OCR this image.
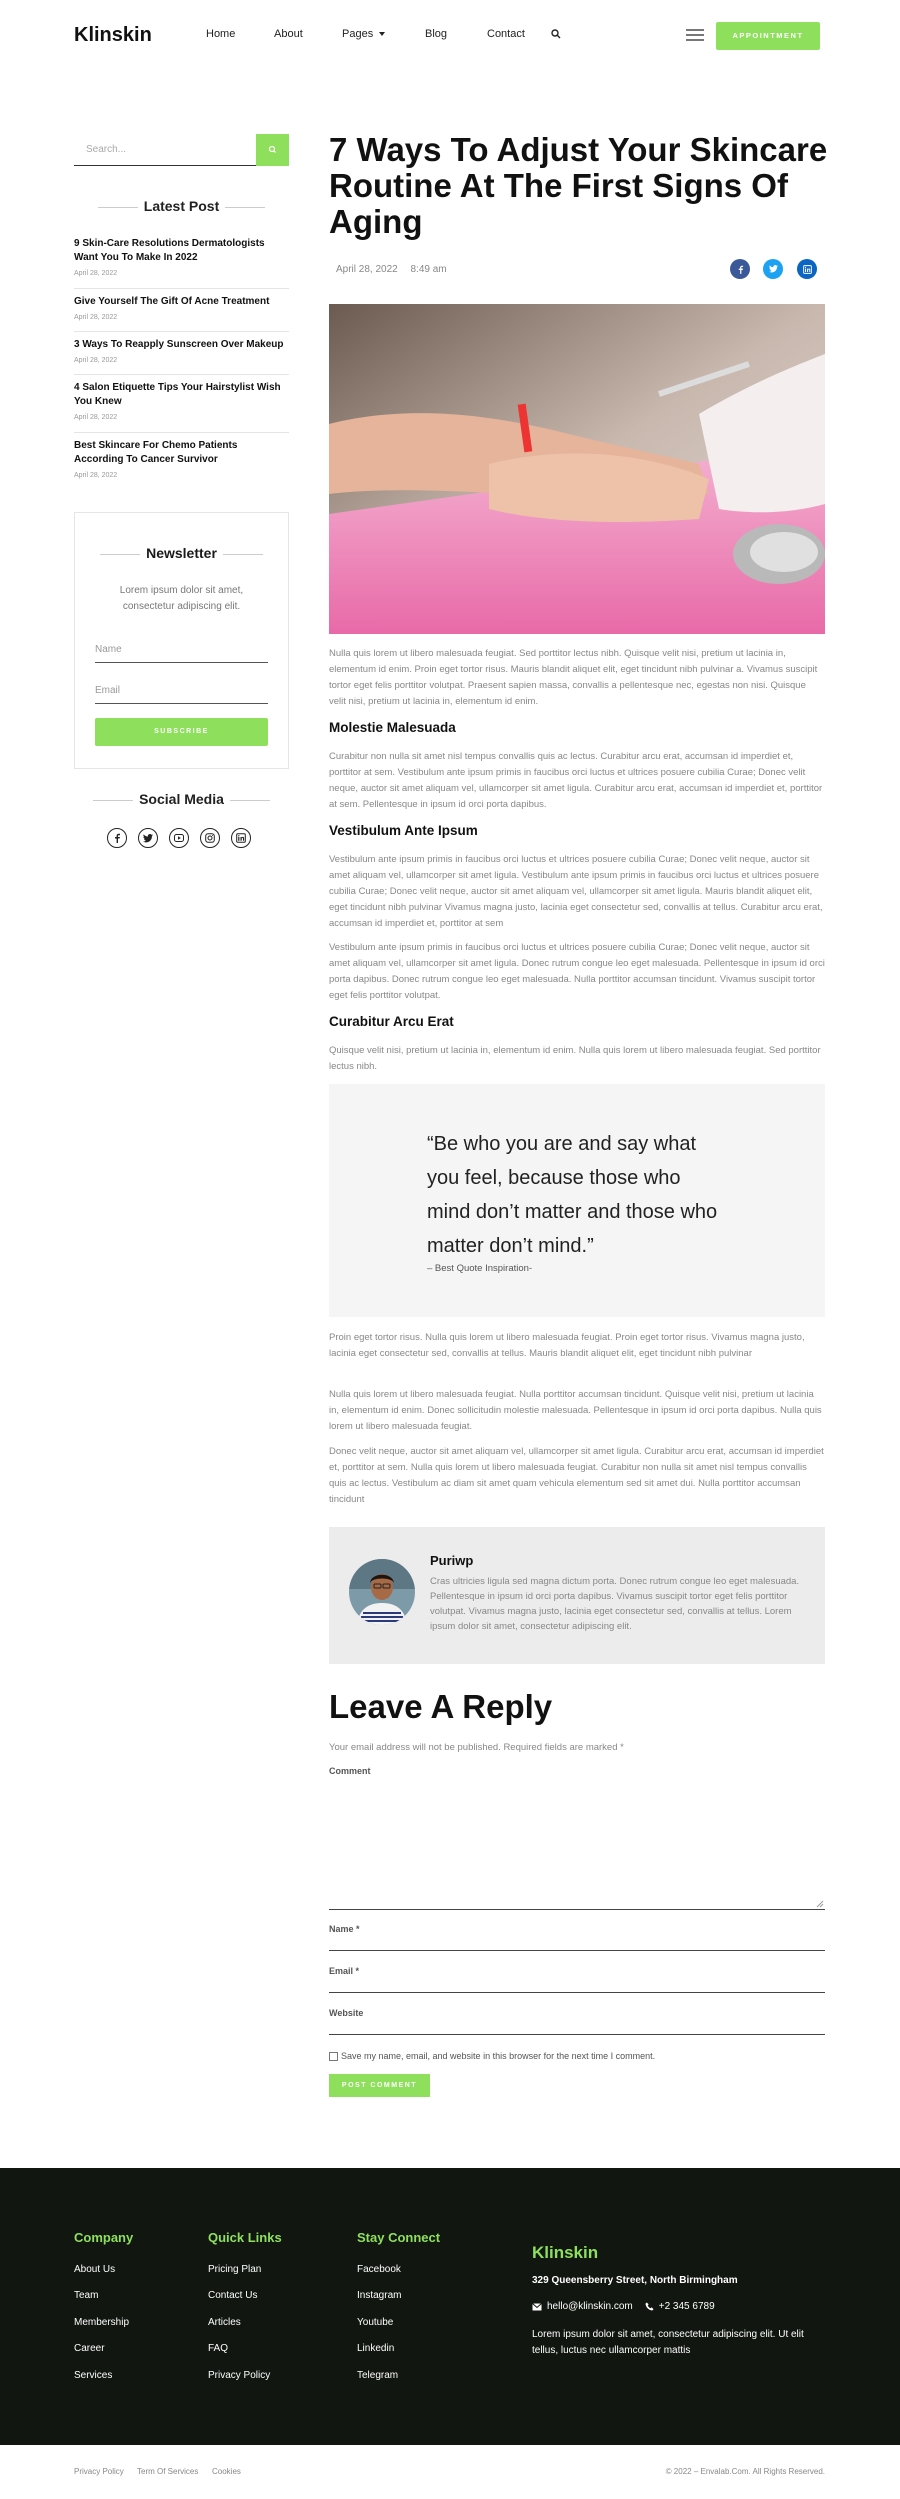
Klinskin	Home	About	Pages	Blog	Contact	APPOINTMENT
Search...
Latest Post
9 Skin-Care Resolutions Dermatologists Want You To Make In 2022
April 28, 2022
Give Yourself The Gift Of Acne Treatment
April 28, 2022
3 Ways To Reapply Sunscreen Over Makeup
April 28, 2022
4 Salon Etiquette Tips Your Hairstylist Wish You Knew
April 28, 2022
Best Skincare For Chemo Patients According To Cancer Survivor
April 28, 2022
Newsletter
Lorem ipsum dolor sit amet, consectetur adipiscing elit.
Name
Email
SUBSCRIBE
Social Media
7 Ways To Adjust Your Skincare Routine At The First Signs Of Aging
April 28, 2022 8:49 am
Nulla quis lorem ut libero malesuada feugiat. Sed porttitor lectus nibh. Quisque velit nisi, pretium ut lacinia in, elementum id enim. Proin eget tortor risus. Mauris blandit aliquet elit, eget tincidunt nibh pulvinar a. Vivamus suscipit tortor eget felis porttitor volutpat. Praesent sapien massa, convallis a pellentesque nec, egestas non nisi. Quisque velit nisi, pretium ut lacinia in, elementum id enim.
Molestie Malesuada
Curabitur non nulla sit amet nisl tempus convallis quis ac lectus. Curabitur arcu erat, accumsan id imperdiet et, porttitor at sem. Vestibulum ante ipsum primis in faucibus orci luctus et ultrices posuere cubilia Curae; Donec velit neque, auctor sit amet aliquam vel, ullamcorper sit amet ligula. Curabitur arcu erat, accumsan id imperdiet et, porttitor at sem. Pellentesque in ipsum id orci porta dapibus.
Vestibulum Ante Ipsum
Vestibulum ante ipsum primis in faucibus orci luctus et ultrices posuere cubilia Curae; Donec velit neque, auctor sit amet aliquam vel, ullamcorper sit amet ligula. Vestibulum ante ipsum primis in faucibus orci luctus et ultrices posuere cubilia Curae; Donec velit neque, auctor sit amet aliquam vel, ullamcorper sit amet ligula. Mauris blandit aliquet elit, eget tincidunt nibh pulvinar Vivamus magna justo, lacinia eget consectetur sed, convallis at tellus. Curabitur arcu erat, accumsan id imperdiet et, porttitor at sem
Vestibulum ante ipsum primis in faucibus orci luctus et ultrices posuere cubilia Curae; Donec velit neque, auctor sit amet aliquam vel, ullamcorper sit amet ligula. Donec rutrum congue leo eget malesuada. Pellentesque in ipsum id orci porta dapibus. Donec rutrum congue leo eget malesuada. Nulla porttitor accumsan tincidunt. Vivamus suscipit tortor eget felis porttitor volutpat.
Curabitur Arcu Erat
Quisque velit nisi, pretium ut lacinia in, elementum id enim. Nulla quis lorem ut libero malesuada feugiat. Sed porttitor lectus nibh.
“Be who you are and say what you feel, because those who mind don’t matter and those who matter don’t mind.”
– Best Quote Inspiration-
Proin eget tortor risus. Nulla quis lorem ut libero malesuada feugiat. Proin eget tortor risus. Vivamus magna justo, lacinia eget consectetur sed, convallis at tellus. Mauris blandit aliquet elit, eget tincidunt nibh pulvinar
Nulla quis lorem ut libero malesuada feugiat. Nulla porttitor accumsan tincidunt. Quisque velit nisi, pretium ut lacinia in, elementum id enim. Donec sollicitudin molestie malesuada. Pellentesque in ipsum id orci porta dapibus. Nulla quis lorem ut libero malesuada feugiat.
Donec velit neque, auctor sit amet aliquam vel, ullamcorper sit amet ligula. Curabitur arcu erat, accumsan id imperdiet et, porttitor at sem. Nulla quis lorem ut libero malesuada feugiat. Curabitur non nulla sit amet nisl tempus convallis quis ac lectus. Vestibulum ac diam sit amet quam vehicula elementum sed sit amet dui. Nulla porttitor accumsan tincidunt
Puriwp
Cras ultricies ligula sed magna dictum porta. Donec rutrum congue leo eget malesuada. Pellentesque in ipsum id orci porta dapibus. Vivamus suscipit tortor eget felis porttitor volutpat. Vivamus magna justo, lacinia eget consectetur sed, convallis at tellus. Lorem ipsum dolor sit amet, consectetur adipiscing elit.
Leave A Reply
Your email address will not be published. Required fields are marked *
Comment
Name *
Email *
Website
Save my name, email, and website in this browser for the next time I comment.
POST COMMENT
Company
About Us
Team
Membership
Career
Services
Quick Links
Pricing Plan
Contact Us
Articles
FAQ
Privacy Policy
Stay Connect
Facebook
Instagram
Youtube
Linkedin
Telegram
Klinskin
329 Queensberry Street, North Birmingham
hello@klinskin.com	+2 345 6789
Lorem ipsum dolor sit amet, consectetur adipiscing elit. Ut elit tellus, luctus nec ullamcorper mattis
Privacy Policy Term Of Services Cookies	© 2022 – Envalab.Com. All Rights Reserved.
